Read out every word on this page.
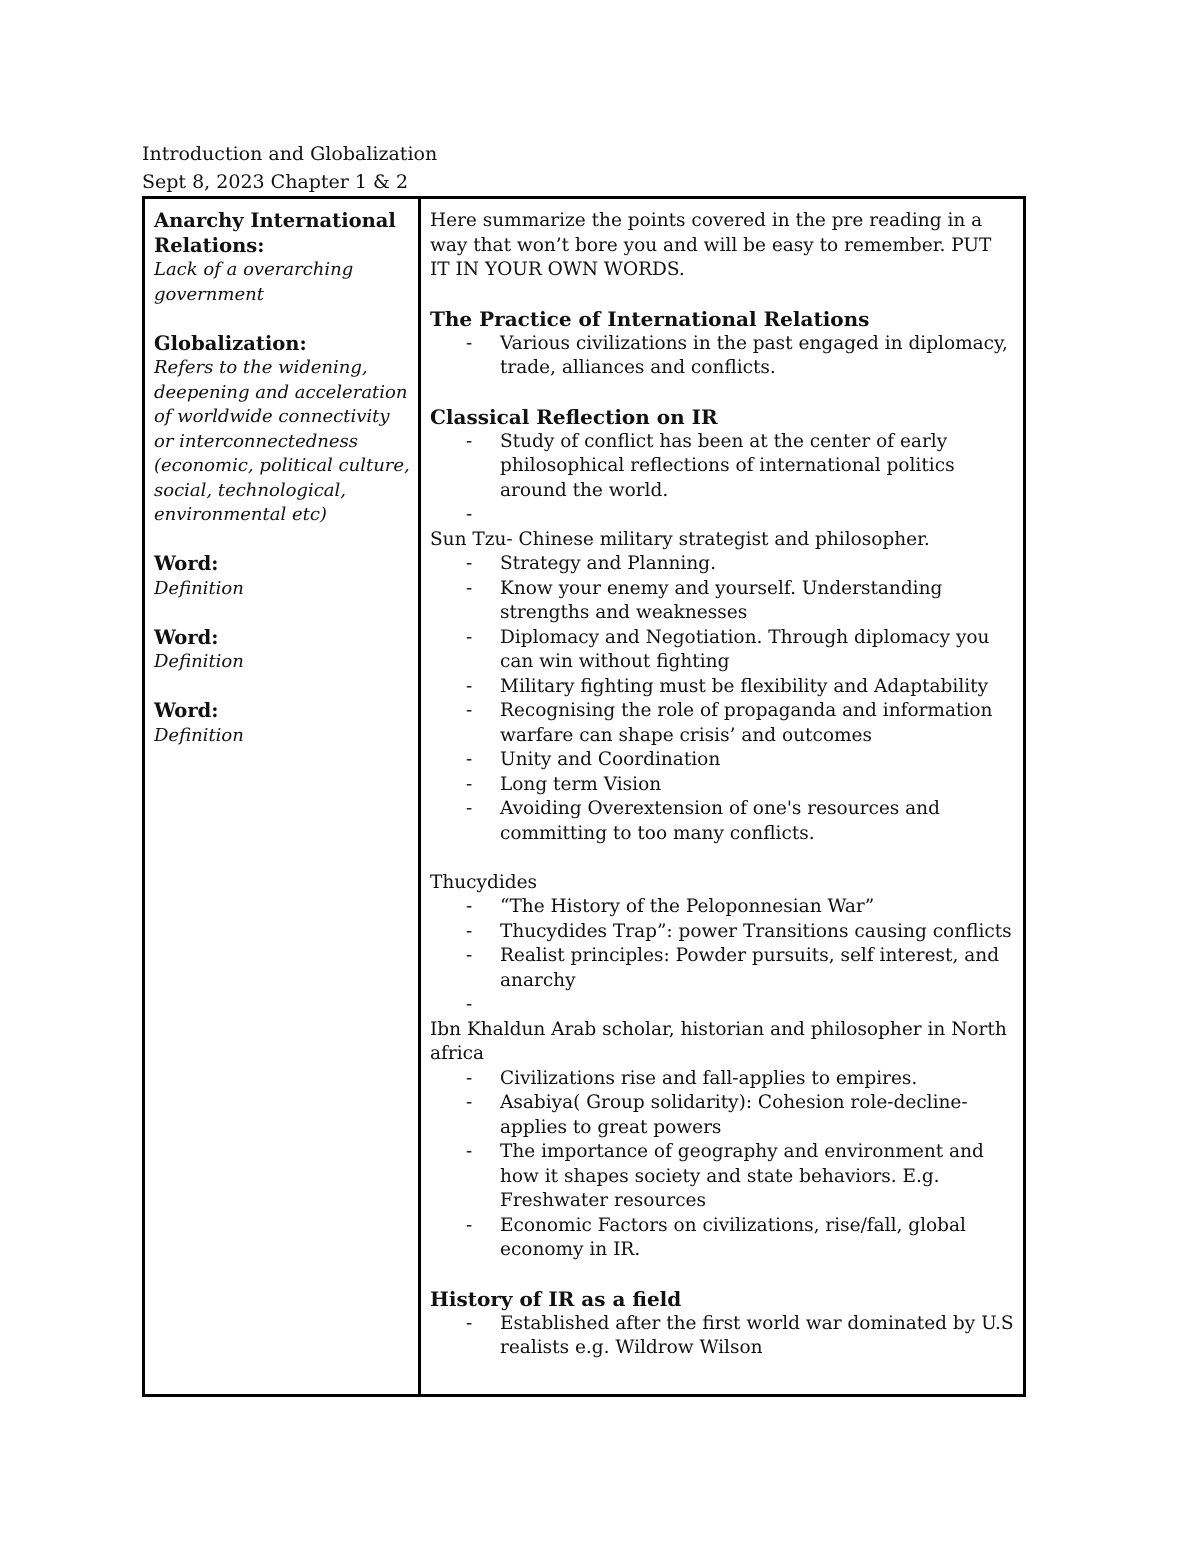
Introduction and Globalization
Sept 8, 2023 Chapter 1 & 2
Anarchy International Relations:
Lack of a overarching government
Globalization:
Refers to the widening, deepening and acceleration of worldwide connectivity or interconnectedness (economic, political culture, social, technological, environmental etc)
Word:
Definition
Word:
Definition
Word:
Definition

Here summarize the points covered in the pre reading in a way that won’t bore you and will be easy to remember. PUT IT IN YOUR OWN WORDS.

The Practice of International Relations

- Various civilizations in the past engaged in diplomacy, trade, alliances and conflicts.

Classical Reflection on IR

- Study of conflict has been at the center of early philosophical reflections of international politics around the world.
-

Sun Tzu- Chinese military strategist and philosopher.

- Strategy and Planning.
- Know your enemy and yourself. Understanding strengths and weaknesses
- Diplomacy and Negotiation. Through diplomacy you can win without fighting
- Military fighting must be flexibility and Adaptability
- Recognising the role of propaganda and information warfare can shape crisis’ and outcomes
- Unity and Coordination
- Long term Vision
- Avoiding Overextension of one's resources and committing to too many conflicts.

Thucydides

- “The History of the Peloponnesian War”
- Thucydides Trap”: power Transitions causing conflicts
- Realist principles: Powder pursuits, self interest, and anarchy
-

Ibn Khaldun Arab scholar, historian and philosopher in North africa

- Civilizations rise and fall-applies to empires.
- Asabiya( Group solidarity): Cohesion role-decline- applies to great powers
- The importance of geography and environment and how it shapes society and state behaviors. E.g. Freshwater resources
- Economic Factors on civilizations, rise/fall, global economy in IR.

History of IR as a field

- Established after the first world war dominated by U.S realists e.g. Wildrow Wilson
